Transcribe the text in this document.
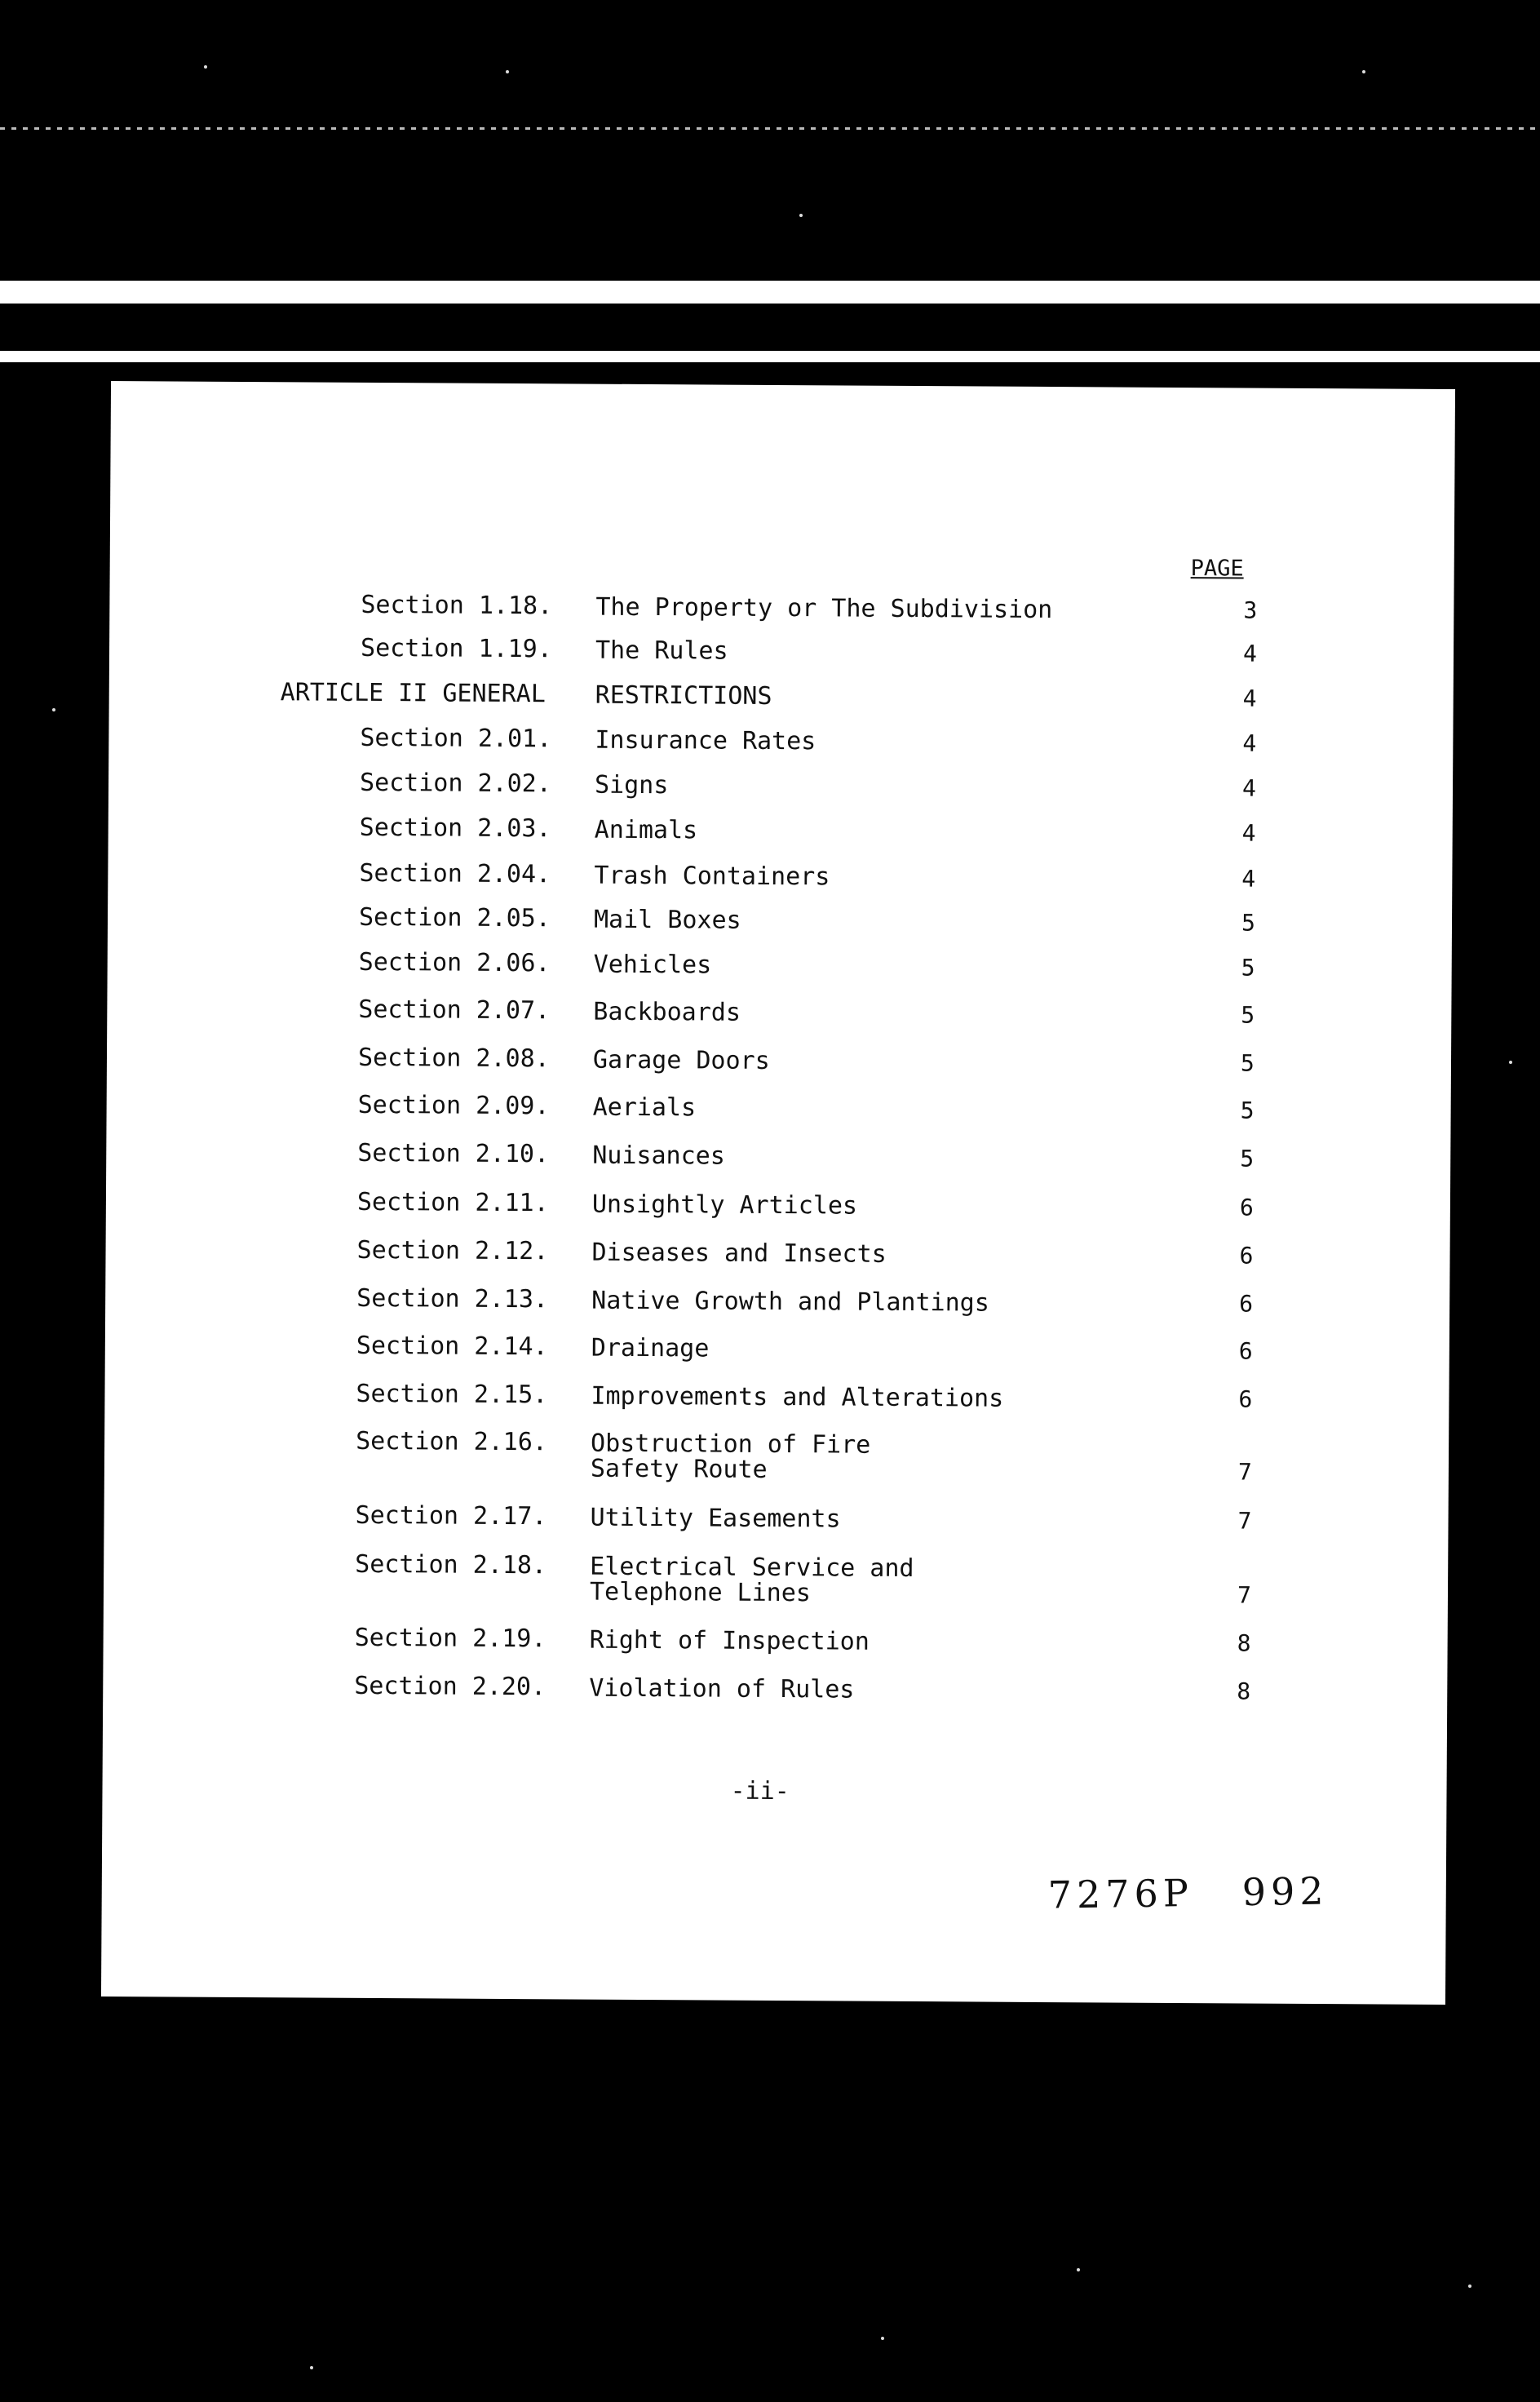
PAGE
Section 1.18. The Property or The Subdivision	3
Section 1.19. The Rules	4
ARTICLE II GENERAL RESTRICTIONS	4
Section 2.01. Insurance Rates	4
Section 2.02. Signs	4
Section 2.03. Animals	4
Section 2.04. Trash Containers	4
Section 2.05. Mail Boxes	5
Section 2.06. Vehicles	5
Section 2.07. Backboards	5
Section 2.08. Garage Doors	5
Section 2.09. Aerials	5
Section 2.10. Nuisances	5
Section 2.11. Unsightly Articles	6
Section 2.12. Diseases and Insects	6
Section 2.13. Native Growth and Plantings	6
Section 2.14. Drainage	6
Section 2.15. Improvements and Alterations	6
Section 2.16. Obstruction of Fire
Safety Route	7
Section 2.17. Utility Easements	7
Section 2.18. Electrical Service and
Telephone Lines	7
Section 2.19. Right of Inspection	8
Section 2.20. Violation of Rules	8
-ii-
7276P 992
